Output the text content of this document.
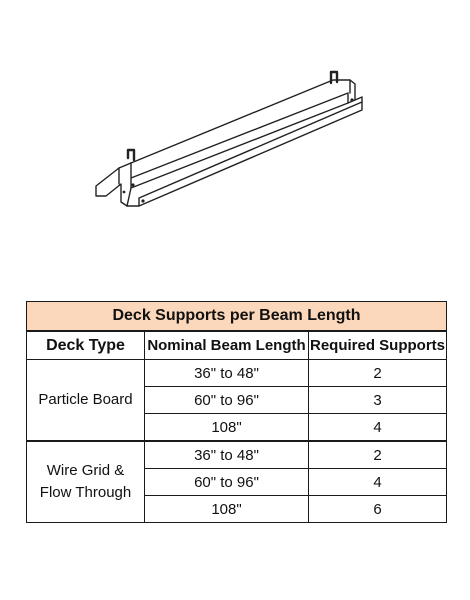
Deck Supports per Beam Length		
Deck Type	Nominal Beam Length	Required Supports
Particle Board	36" to 48"	2
	60" to 96"	3
	108"	4

Wire Grid &
Flow Through	36" to 48"	2
	60" to 96"	4
	108"	6
